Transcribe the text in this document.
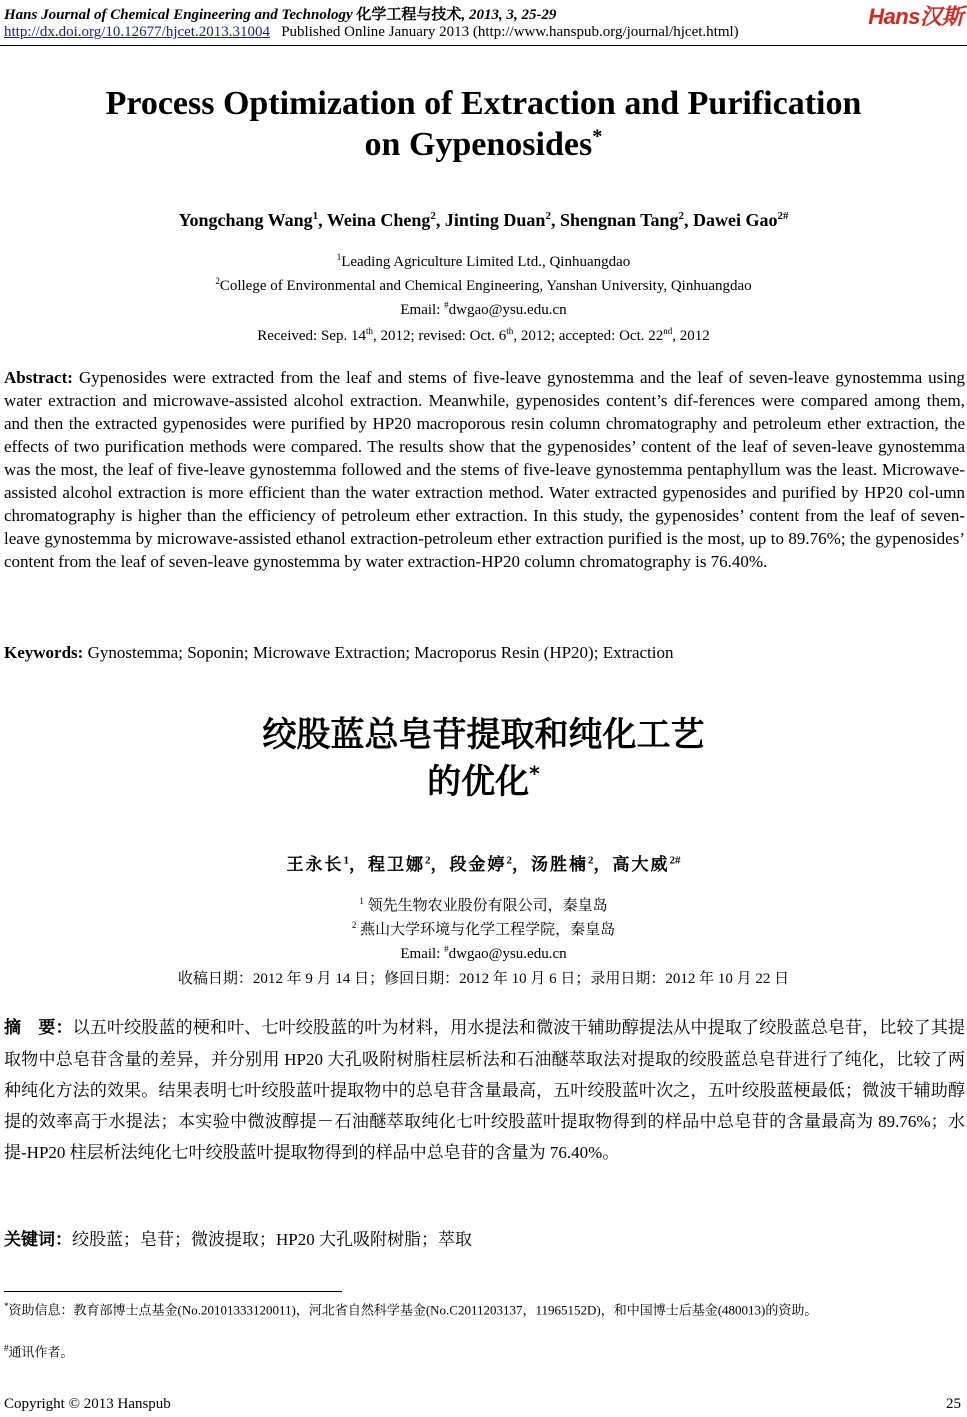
Hans Journal of Chemical Engineering and Technology 化学工程与技术, 2013, 3, 25-29
http://dx.doi.org/10.12677/hjcet.2013.31004 Published Online January 2013 (http://www.hanspub.org/journal/hjcet.html)
Hans汉斯
Process Optimization of Extraction and Purification
on Gypenosides*
Yongchang Wang$^1$, Weina Cheng$^2$, Jinting Duan$^2$, Shengnan Tang$^2$, Dawei Gao$^{2\#}$
$^1$Leading Agriculture Limited Ltd., Qinhuangdao
$^2$College of Environmental and Chemical Engineering, Yanshan University, Qinhuangdao
Email: #dwgao@ysu.edu.cn
Received: Sep. 14th, 2012; revised: Oct. 6th, 2012; accepted: Oct. 22nd, 2012
Abstract: Gypenosides were extracted from the leaf and stems of five-leave gynostemma and the leaf of seven-leave gynostemma using water extraction and microwave-assisted alcohol extraction. Meanwhile, gypenosides content’s dif-ferences were compared among them, and then the extracted gypenosides were purified by HP20 macroporous resin column chromatography and petroleum ether extraction, the effects of two purification methods were compared. The results show that the gypenosides’ content of the leaf of seven-leave gynostemma was the most, the leaf of five-leave gynostemma followed and the stems of five-leave gynostemma pentaphyllum was the least. Microwave-assisted alcohol extraction is more efficient than the water extraction method. Water extracted gypenosides and purified by HP20 col-umn chromatography is higher than the efficiency of petroleum ether extraction. In this study, the gypenosides’ content from the leaf of seven-leave gynostemma by microwave-assisted ethanol extraction-petroleum ether extraction purified is the most, up to 89.76%; the gypenosides’ content from the leaf of seven-leave gynostemma by water extraction-HP20 column chromatography is 76.40%.
Keywords: Gynostemma; Soponin; Microwave Extraction; Macroporus Resin (HP20); Extraction
绞股蓝总皂苷提取和纯化工艺
的优化*
王永长$^1$，程卫娜$^2$，段金婷$^2$，汤胜楠$^2$，高大威$^{2\#}$
$^1$ 领先生物农业股份有限公司，秦皇岛
$^2$ 燕山大学环境与化学工程学院，秦皇岛
Email: #dwgao@ysu.edu.cn
收稿日期：2012 年 9 月 14 日；修回日期：2012 年 10 月 6 日；录用日期：2012 年 10 月 22 日
摘　要：以五叶绞股蓝的梗和叶、七叶绞股蓝的叶为材料，用水提法和微波干辅助醇提法从中提取了绞股蓝总皂苷，比较了其提取物中总皂苷含量的差异，并分别用 HP20 大孔吸附树脂柱层析法和石油醚萃取法对提取的绞股蓝总皂苷进行了纯化，比较了两种纯化方法的效果。结果表明七叶绞股蓝叶提取物中的总皂苷含量最高，五叶绞股蓝叶次之，五叶绞股蓝梗最低；微波干辅助醇提的效率高于水提法；本实验中微波醇提－石油醚萃取纯化七叶绞股蓝叶提取物得到的样品中总皂苷的含量最高为 89.76%；水提-HP20 柱层析法纯化七叶绞股蓝叶提取物得到的样品中总皂苷的含量为 76.40%。
关键词：绞股蓝；皂苷；微波提取；HP20 大孔吸附树脂；萃取
*资助信息：教育部博士点基金(No.20101333120011)，河北省自然科学基金(No.C2011203137，11965152D)，和中国博士后基金(480013)的资助。
#通讯作者。
Copyright © 2013 Hanspub	25
